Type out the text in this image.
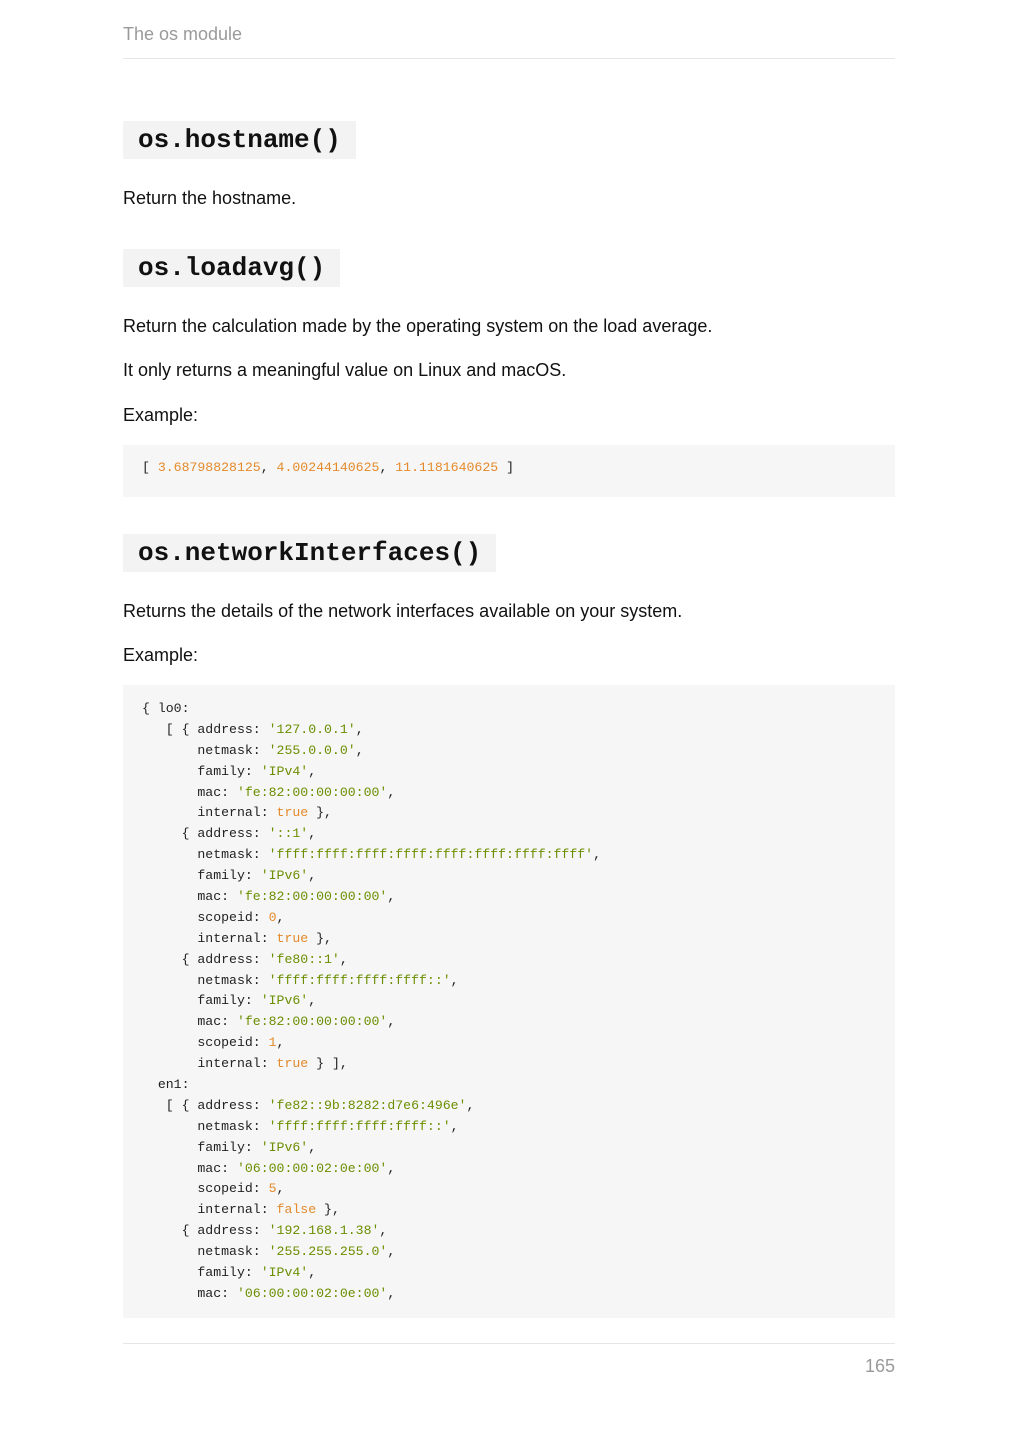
The os module
os.hostname()
Return the hostname.
os.loadavg()
Return the calculation made by the operating system on the load average.
It only returns a meaningful value on Linux and macOS.
Example:
[ 3.68798828125, 4.00244140625, 11.1181640625 ]
os.networkInterfaces()
Returns the details of the network interfaces available on your system.
Example:
{ lo0:
[ { address: '127.0.0.1',
netmask: '255.0.0.0',
family: 'IPv4',
mac: 'fe:82:00:00:00:00',
internal: true },
{ address: '::1',
netmask: 'ffff:ffff:ffff:ffff:ffff:ffff:ffff:ffff',
family: 'IPv6',
mac: 'fe:82:00:00:00:00',
scopeid: 0,
internal: true },
{ address: 'fe80::1',
netmask: 'ffff:ffff:ffff:ffff::',
family: 'IPv6',
mac: 'fe:82:00:00:00:00',
scopeid: 1,
internal: true } ],
en1:
[ { address: 'fe82::9b:8282:d7e6:496e',
netmask: 'ffff:ffff:ffff:ffff::',
family: 'IPv6',
mac: '06:00:00:02:0e:00',
scopeid: 5,
internal: false },
{ address: '192.168.1.38',
netmask: '255.255.255.0',
family: 'IPv4',
mac: '06:00:00:02:0e:00',
165
